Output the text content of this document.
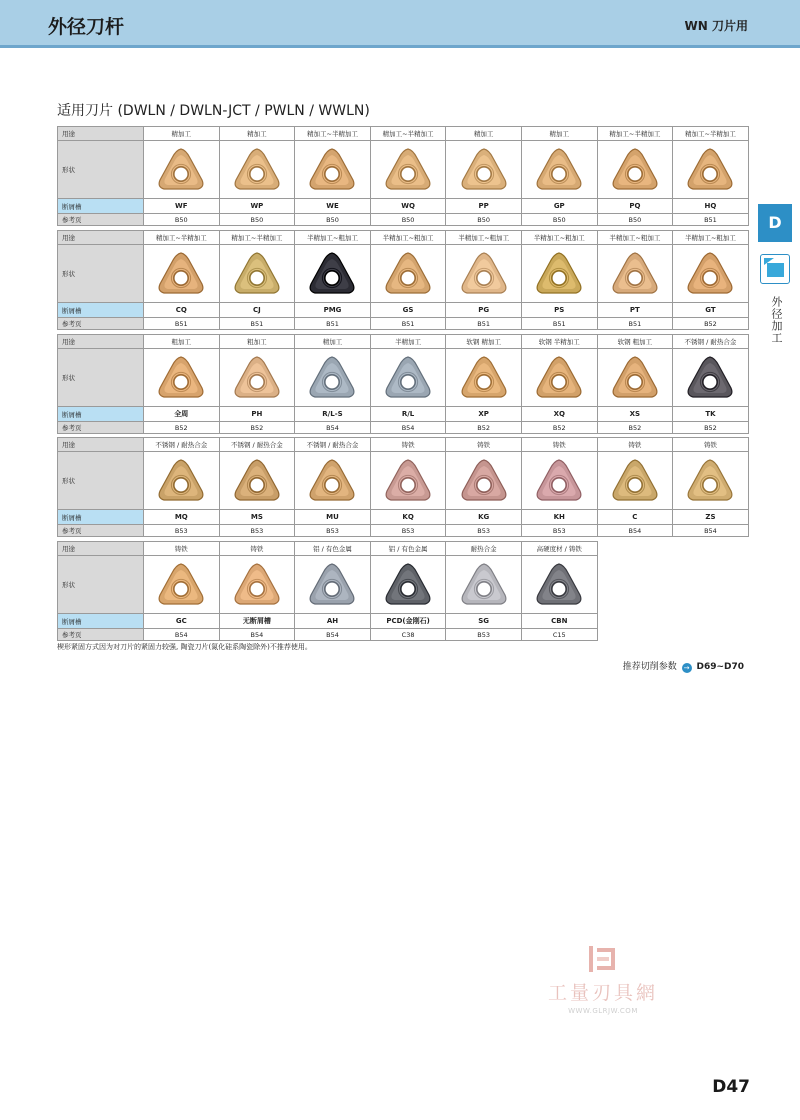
外径刀杆	WN 刀片用
适用刀片 (DWLN / DWLN-JCT / PWLN / WWLN)
D
外径加工
用途	精加工	精加工	精加工~半精加工	精加工~半精加工	精加工	精加工	精加工~半精加工	精加工~半精加工
形状	

断屑槽	WF	WP	WE	WQ	PP	GP	PQ	HQ
参考页	B50	B50	B50	B50	B50	B50	B50	B51
用途	精加工~半精加工	精加工~半精加工	半精加工~粗加工	半精加工~粗加工	半精加工~粗加工	半精加工~粗加工	半精加工~粗加工	半精加工~粗加工
形状	

断屑槽	CQ	CJ	PMG	GS	PG	PS	PT	GT
参考页	B51	B51	B51	B51	B51	B51	B51	B52
用途	粗加工	粗加工	精加工	半精加工	软钢 精加工	软钢 半精加工	软钢 粗加工	不锈钢 / 耐热合金
形状	

断屑槽	全周	PH	R/L-S	R/L	XP	XQ	XS	TK
参考页	B52	B52	B54	B54	B52	B52	B52	B52
用途	不锈钢 / 耐热合金	不锈钢 / 耐热合金	不锈钢 / 耐热合金	铸铁	铸铁	铸铁	铸铁	铸铁
形状	

断屑槽	MQ	MS	MU	KQ	KG	KH	C	ZS
参考页	B53	B53	B53	B53	B53	B53	B54	B54
用途	铸铁	铸铁	铝 / 有色金属	铝 / 有色金属	耐热合金	高硬度材 / 铸铁
形状	

断屑槽	GC	无断屑槽	AH	PCD(金刚石)	SG	CBN
参考页	B54	B54	B54	C38	B53	C15
楔形紧固方式因为对刀片的紧固力较强, 陶瓷刀片(氮化硅系陶瓷除外)不推荐使用。
推荐切削参数 → D69~D70
工量刃具網
WWW.GLRJW.COM
D47
